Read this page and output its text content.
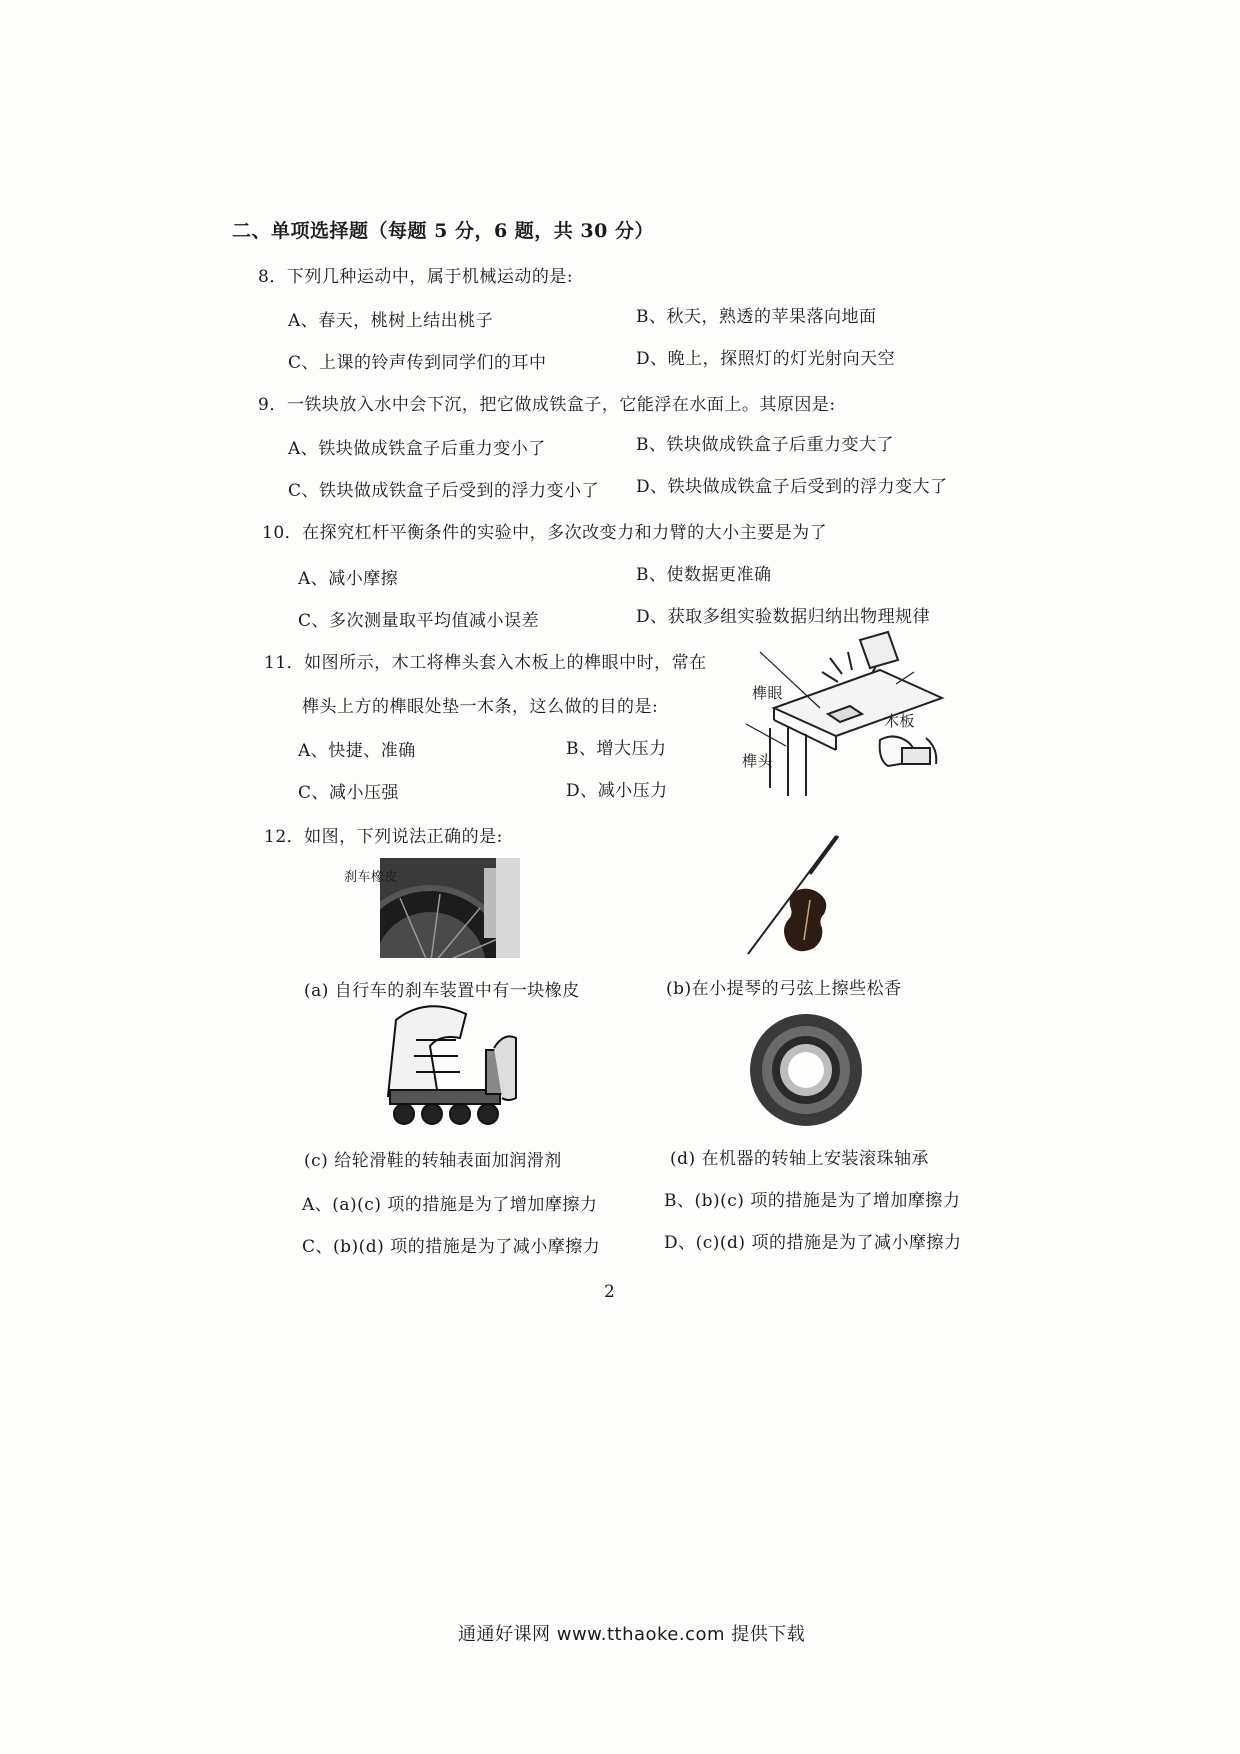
二、单项选择题（每题 5 分，6 题，共 30 分）
8．下列几种运动中，属于机械运动的是:
A、春天，桃树上结出桃子	B、秋天，熟透的苹果落向地面
C、上课的铃声传到同学们的耳中	D、晚上，探照灯的灯光射向天空
9．一铁块放入水中会下沉，把它做成铁盒子，它能浮在水面上。其原因是:
A、铁块做成铁盒子后重力变小了	B、铁块做成铁盒子后重力变大了
C、铁块做成铁盒子后受到的浮力变小了 D、铁块做成铁盒子后受到的浮力变大了
10．在探究杠杆平衡条件的实验中，多次改变力和力臂的大小主要是为了
A、减小摩擦	B、使数据更准确
C、多次测量取平均值减小误差	D、获取多组实验数据归纳出物理规律
11．如图所示，木工将榫头套入木板上的榫眼中时，常在
榫头上方的榫眼处垫一木条，这么做的目的是:
A、快捷、准确	B、增大压力
C、减小压强	D、减小压力
榫眼
木板
榫头
12．如图，下列说法正确的是:
刹车橡皮
(a) 自行车的刹车装置中有一块橡皮	(b)在小提琴的弓弦上擦些松香
(c) 给轮滑鞋的转轴表面加润滑剂	(d) 在机器的转轴上安装滚珠轴承
A、(a)(c) 项的措施是为了增加摩擦力	B、(b)(c) 项的措施是为了增加摩擦力
C、(b)(d) 项的措施是为了减小摩擦力	D、(c)(d) 项的措施是为了减小摩擦力
2
通通好课网 www.tthaoke.com 提供下载
